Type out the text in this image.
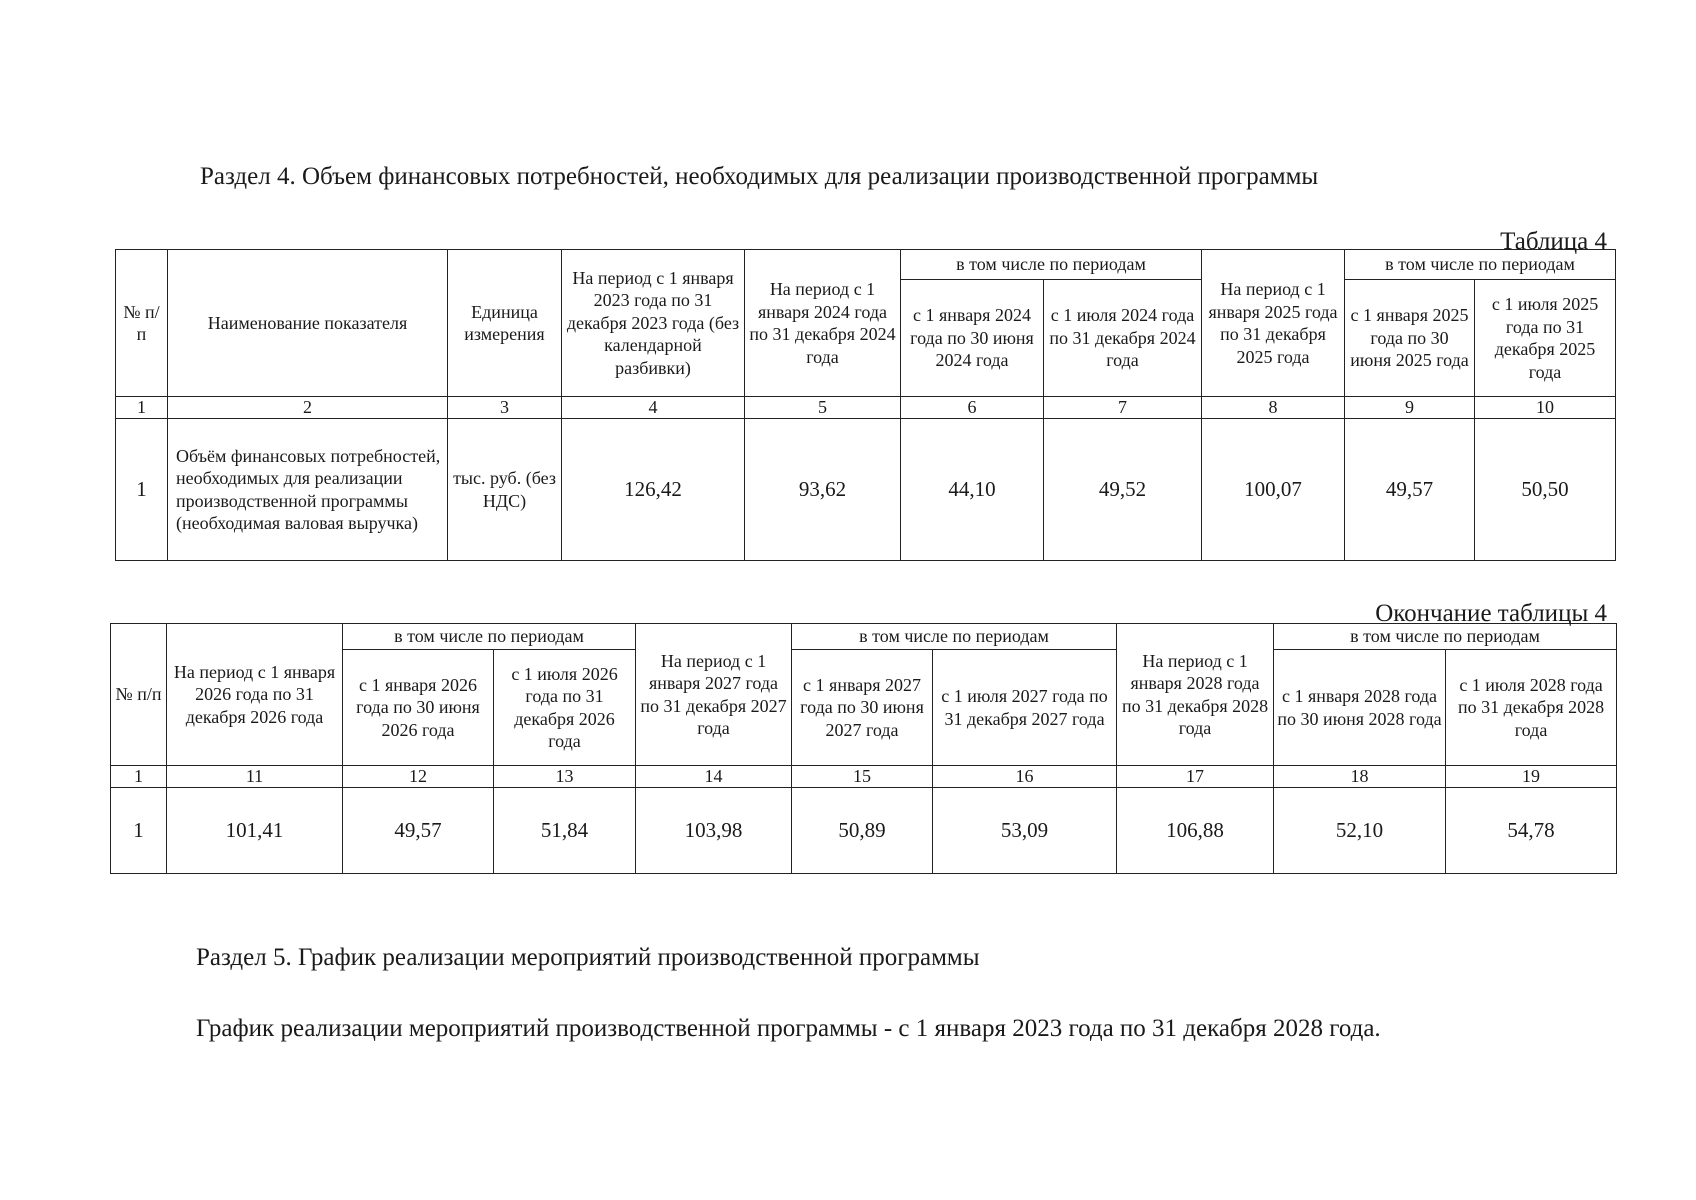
Раздел 4. Объем финансовых потребностей, необходимых для реализации производственной программы
Таблица 4
№ п/п	Наименование показателя	Единица измерения	На период с 1 января 2023 года по 31 декабря 2023 года (без календарной разбивки)	На период с 1 января 2024 года по 31 декабря 2024 года	в том числе по периодам		На период с 1 января 2025 года по 31 декабря 2025 года	в том числе по периодам	
					с 1 января 2024 года по 30 июня 2024 года	с 1 июля 2024 года по 31 декабря 2024 года		с 1 января 2025 года по 30 июня 2025 года	с 1 июля 2025 года по 31 декабря 2025 года
1	2	3	4	5	6	7	8	9	10
1	Объём финансовых потребностей, необходимых для реализации производственной программы (необходимая валовая выручка)	тыс. руб. (без НДС)	126,42	93,62	44,10	49,52	100,07	49,57	50,50
Окончание таблицы 4
№ п/п	На период с 1 января 2026 года по 31 декабря 2026 года	в том числе по периодам		На период с 1 января 2027 года по 31 декабря 2027 года	в том числе по периодам		На период с 1 января 2028 года по 31 декабря 2028 года	в том числе по периодам	
		с 1 января 2026 года по 30 июня 2026 года	с 1 июля 2026 года по 31 декабря 2026 года		с 1 января 2027 года по 30 июня 2027 года	с 1 июля 2027 года по 31 декабря 2027 года		с 1 января 2028 года по 30 июня 2028 года	с 1 июля 2028 года по 31 декабря 2028 года
1	11	12	13	14	15	16	17	18	19
1	101,41	49,57	51,84	103,98	50,89	53,09	106,88	52,10	54,78
Раздел 5. График реализации мероприятий производственной программы
График реализации мероприятий производственной программы - с 1 января 2023 года по 31 декабря 2028 года.
